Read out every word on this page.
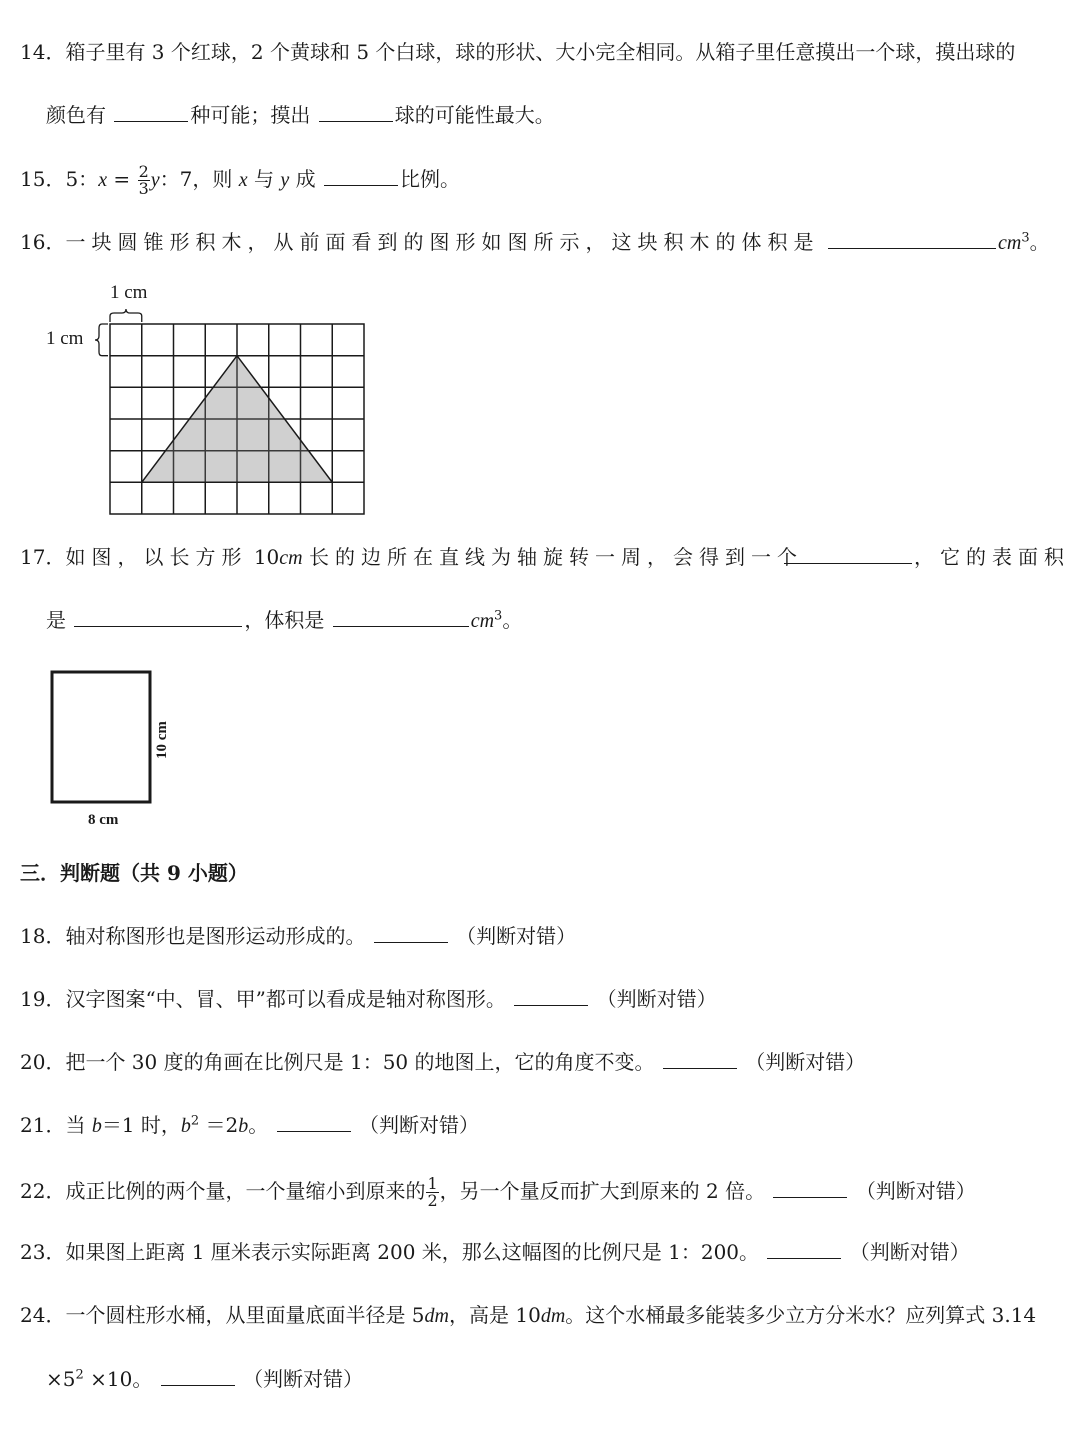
14．箱子里有 3 个红球，2 个黄球和 5 个白球，球的形状、大小完全相同。从箱子里任意摸出一个球，摸出球的
颜色有	种可能；摸出	球的可能性最大。
15．5：$x = \frac{2}{3}$ y：7，则 x 与 y 成	比例。
16．一块圆锥形积木，从前面看到的图形如图所示，这块积木的体积是	$cm^3$。
1 cm
1 cm
17．如图，以长方形 10cm 长的边所在直线为轴旋转一周，会得到一个	，它的表面积
是	，体积是	$cm^3$。
10 cm
8 cm
三．判断题（共 9 小题）
18．轴对称图形也是图形运动形成的。	（判断对错）
19．汉字图案“中、冒、甲”都可以看成是轴对称图形。	（判断对错）
20．把一个 30 度的角画在比例尺是 1：50 的地图上，它的角度不变。	（判断对错）
21．当 b＝1 时，$b^2 =2b$。	（判断对错）
22．成正比例的两个量，一个量缩小到原来的 $\frac{1}{2}$ ，另一个量反而扩大到原来的 2 倍。	（判断对错）
23．如果图上距离 1 厘米表示实际距离 200 米，那么这幅图的比例尺是 1：200。	（判断对错）
24．一个圆柱形水桶，从里面量底面半径是 5dm，高是 10dm。这个水桶最多能装多少立方分米水？应列算式 3.14
$\times 5^2 \times 10$。	（判断对错）
